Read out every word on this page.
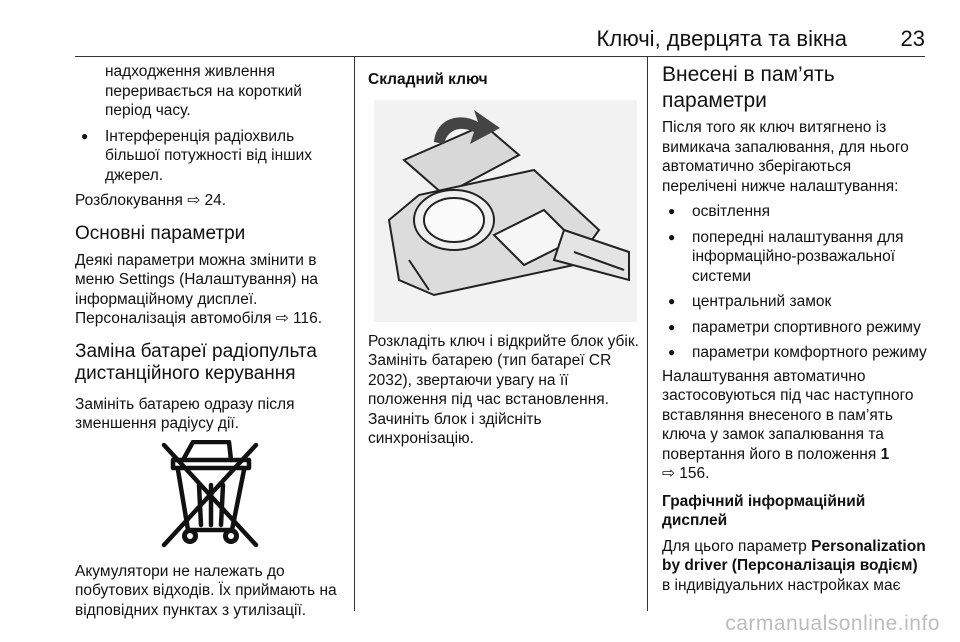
Ключі, дверцята та вікна 23

надходження живлення переривається на короткий період часу.

● Інтерференція радіохвиль більшої потужності від інших джерел.

Розблокування ⇨ 24.

Основні параметри

Деякі параметри можна змінити в меню Settings (Налаштування) на інформаційному дисплеї. Персоналізація автомобіля ⇨ 116.

Заміна батареї радіопульта дистанційного керування

Замініть батарею одразу після зменшення радіусу дії.

Акумулятори не належать до побутових відходів. Їх приймають на відповідних пунктах з утилізації.

Складний ключ

Розкладіть ключ і відкрийте блок убік. Замініть батарею (тип батареї CR 2032), звертаючи увагу на її положення під час встановлення. Зачиніть блок і здійсніть синхронізацію.

Внесені в пам’ять параметри

Після того як ключ витягнено із вимикача запалювання, для нього автоматично зберігаються перелічені нижче налаштування:

● освітлення

● попередні налаштування для інформаційно-розважальної системи

● центральний замок

● параметри спортивного режиму

● параметри комфортного режиму

Налаштування автоматично застосовуються під час наступного вставляння внесеного в пам’ять ключа у замок запалювання та повертання його в положення 1
⇨ 156.

Графічний інформаційний дисплей

Для цього параметр Personalization by driver (Персоналізація водієм) в індивідуальних настройках має

carmanualsonline.info
